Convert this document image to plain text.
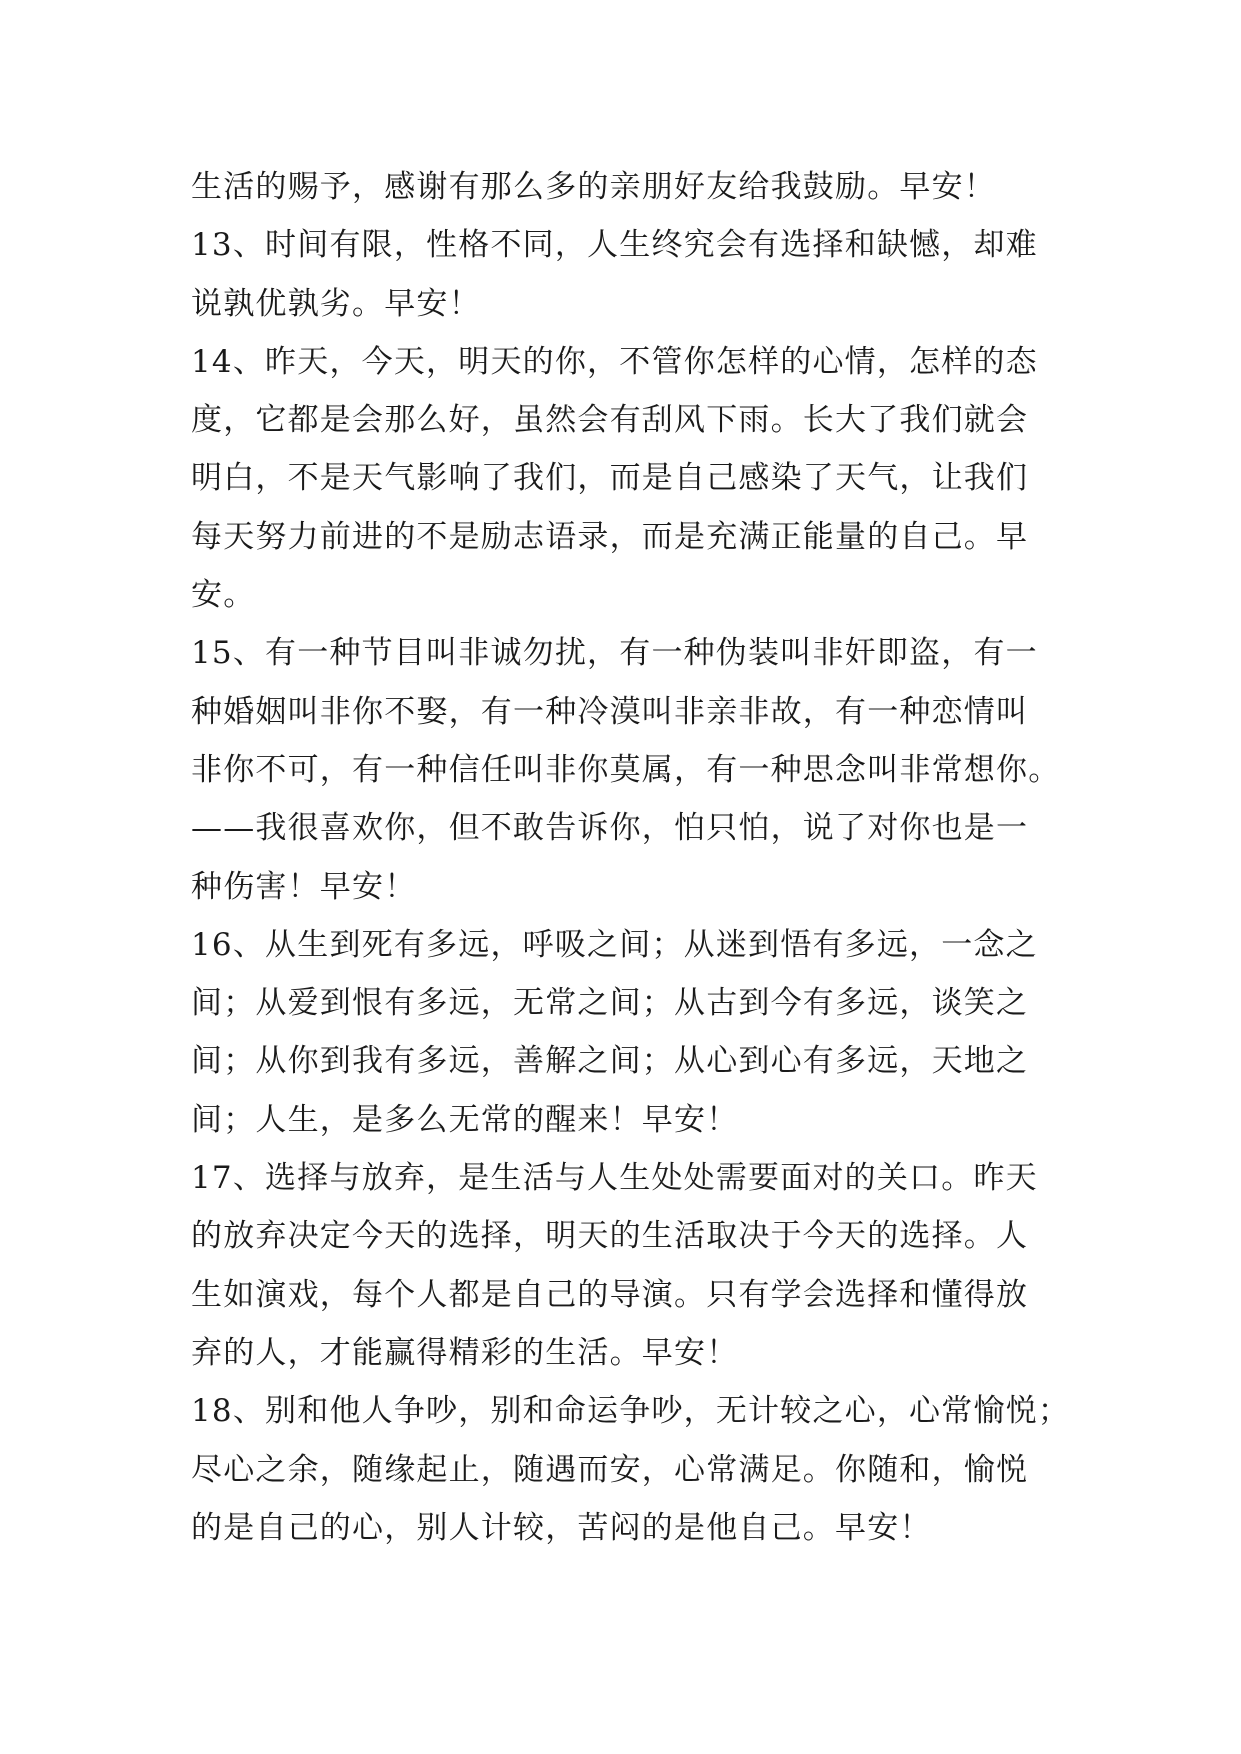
生活的赐予，感谢有那么多的亲朋好友给我鼓励。早安！
13、时间有限，性格不同，人生终究会有选择和缺憾，却难
说孰优孰劣。早安！
14、昨天，今天，明天的你，不管你怎样的心情，怎样的态
度，它都是会那么好，虽然会有刮风下雨。长大了我们就会
明白，不是天气影响了我们，而是自己感染了天气，让我们
每天努力前进的不是励志语录，而是充满正能量的自己。早
安。
15、有一种节目叫非诚勿扰，有一种伪装叫非奸即盗，有一
种婚姻叫非你不娶，有一种冷漠叫非亲非故，有一种恋情叫
非你不可，有一种信任叫非你莫属，有一种思念叫非常想你。
——我很喜欢你，但不敢告诉你，怕只怕，说了对你也是一
种伤害！早安！
16、从生到死有多远，呼吸之间；从迷到悟有多远，一念之
间；从爱到恨有多远，无常之间；从古到今有多远，谈笑之
间；从你到我有多远，善解之间；从心到心有多远，天地之
间；人生，是多么无常的醒来！早安！
17、选择与放弃，是生活与人生处处需要面对的关口。昨天
的放弃决定今天的选择，明天的生活取决于今天的选择。人
生如演戏，每个人都是自己的导演。只有学会选择和懂得放
弃的人，才能赢得精彩的生活。早安！
18、别和他人争吵，别和命运争吵，无计较之心，心常愉悦；
尽心之余，随缘起止，随遇而安，心常满足。你随和，愉悦
的是自己的心，别人计较，苦闷的是他自己。早安！
